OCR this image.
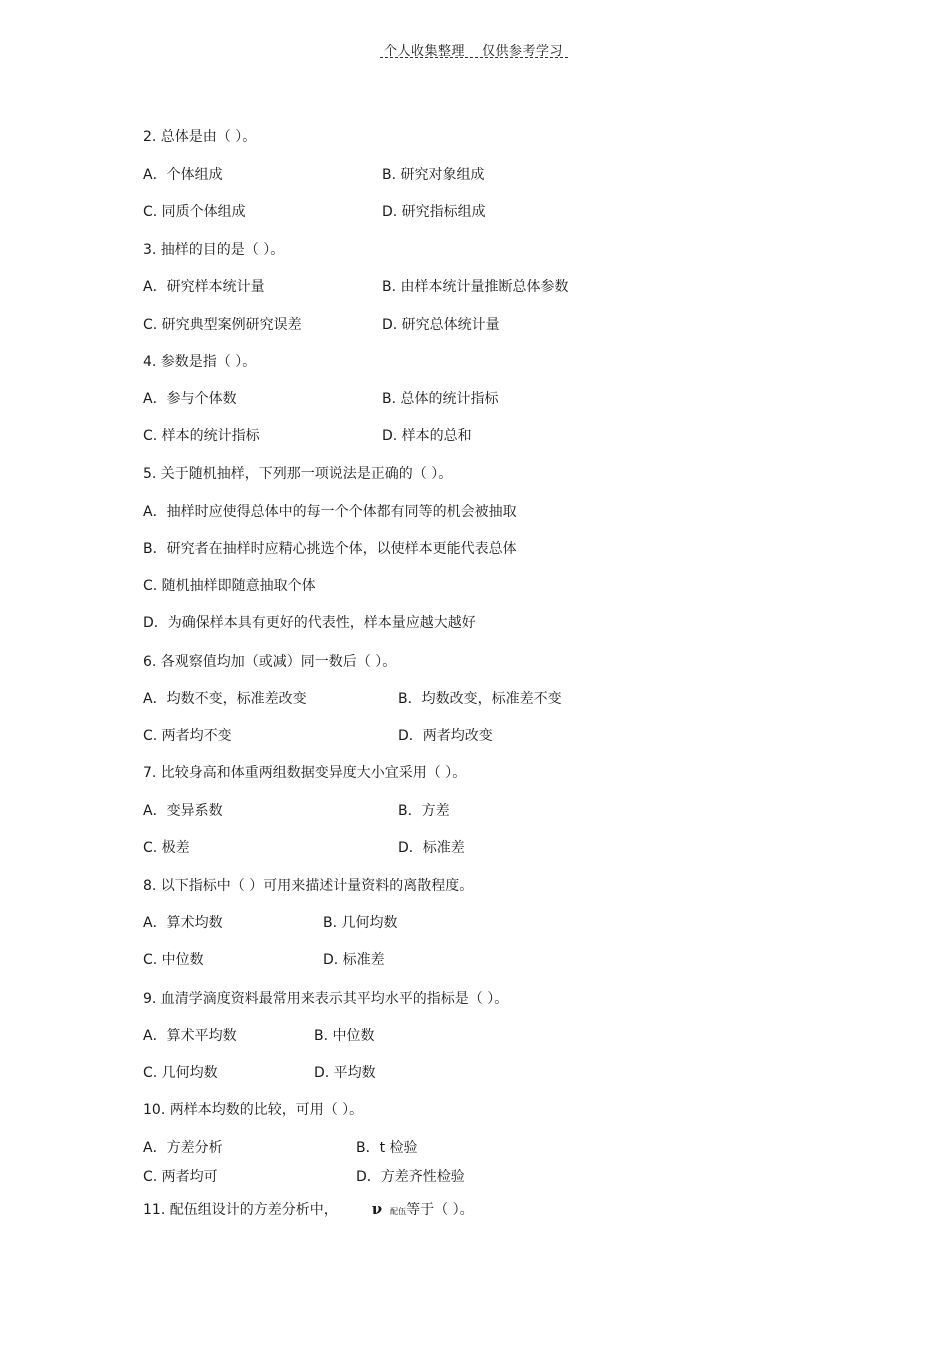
个人收集整理 仅供参考学习
2. 总体是由（ ）。
A．个体组成	B. 研究对象组成
C. 同质个体组成	D. 研究指标组成
3. 抽样的目的是（ ）。
A．研究样本统计量	B. 由样本统计量推断总体参数
C. 研究典型案例研究误差	D. 研究总体统计量
4. 参数是指（ ）。
A．参与个体数	B. 总体的统计指标
C. 样本的统计指标	D. 样本的总和
5. 关于随机抽样，下列那一项说法是正确的（ ）。
A．抽样时应使得总体中的每一个个体都有同等的机会被抽取
B．研究者在抽样时应精心挑选个体，以使样本更能代表总体
C. 随机抽样即随意抽取个体
D．为确保样本具有更好的代表性，样本量应越大越好
6. 各观察值均加（或减）同一数后（ ）。
A．均数不变，标准差改变	B．均数改变，标准差不变
C. 两者均不变	D．两者均改变
7. 比较身高和体重两组数据变异度大小宜采用（ ）。
A．变异系数	B．方差
C. 极差	D．标准差
8. 以下指标中（ ）可用来描述计量资料的离散程度。
A．算术均数	B. 几何均数
C. 中位数	D. 标准差
9. 血清学滴度资料最常用来表示其平均水平的指标是（ ）。
A．算术平均数	B. 中位数
C. 几何均数	D. 平均数
10. 两样本均数的比较，可用（ ）。
A．方差分析	B．t 检验
C. 两者均可	D．方差齐性检验
11. 配伍组设计的方差分析中， ν 配伍等于（ ）。
